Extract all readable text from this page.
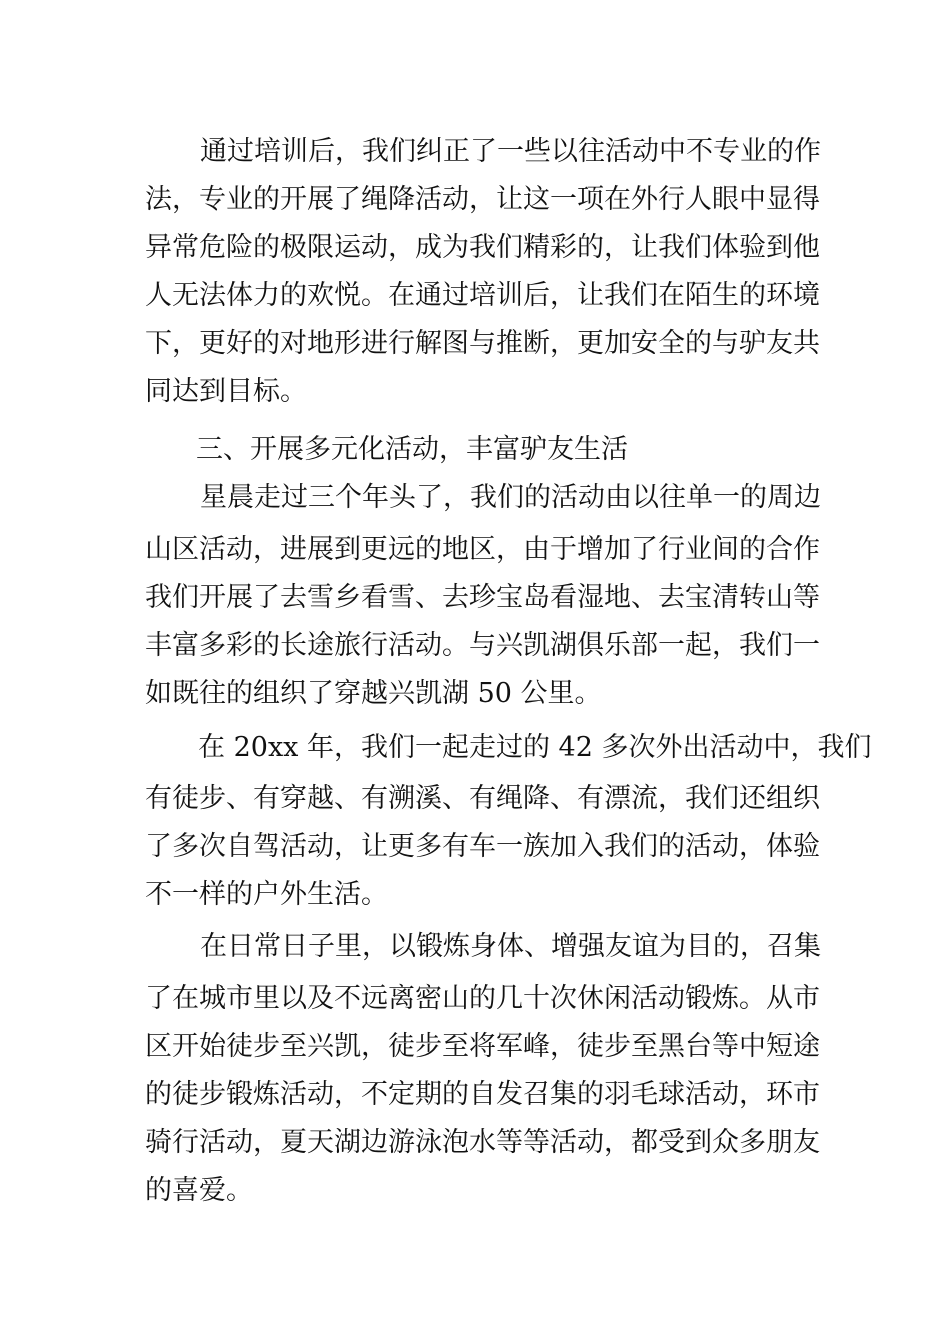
通过培训后，我们纠正了一些以往活动中不专业的作
法，专业的开展了绳降活动，让这一项在外行人眼中显得
异常危险的极限运动，成为我们精彩的，让我们体验到他
人无法体力的欢悦。在通过培训后，让我们在陌生的环境
下，更好的对地形进行解图与推断，更加安全的与驴友共
同达到目标。
三、开展多元化活动，丰富驴友生活
星晨走过三个年头了，我们的活动由以往单一的周边
山区活动，进展到更远的地区，由于增加了行业间的合作
我们开展了去雪乡看雪、去珍宝岛看湿地、去宝清转山等
丰富多彩的长途旅行活动。与兴凯湖俱乐部一起，我们一
如既往的组织了穿越兴凯湖 50 公里。
在 20xx 年，我们一起走过的 42 多次外出活动中，我们
有徒步、有穿越、有溯溪、有绳降、有漂流，我们还组织
了多次自驾活动，让更多有车一族加入我们的活动，体验
不一样的户外生活。
在日常日子里，以锻炼身体、增强友谊为目的，召集
了在城市里以及不远离密山的几十次休闲活动锻炼。从市
区开始徒步至兴凯，徒步至将军峰，徒步至黑台等中短途
的徒步锻炼活动，不定期的自发召集的羽毛球活动，环市
骑行活动，夏天湖边游泳泡水等等活动，都受到众多朋友
的喜爱。
